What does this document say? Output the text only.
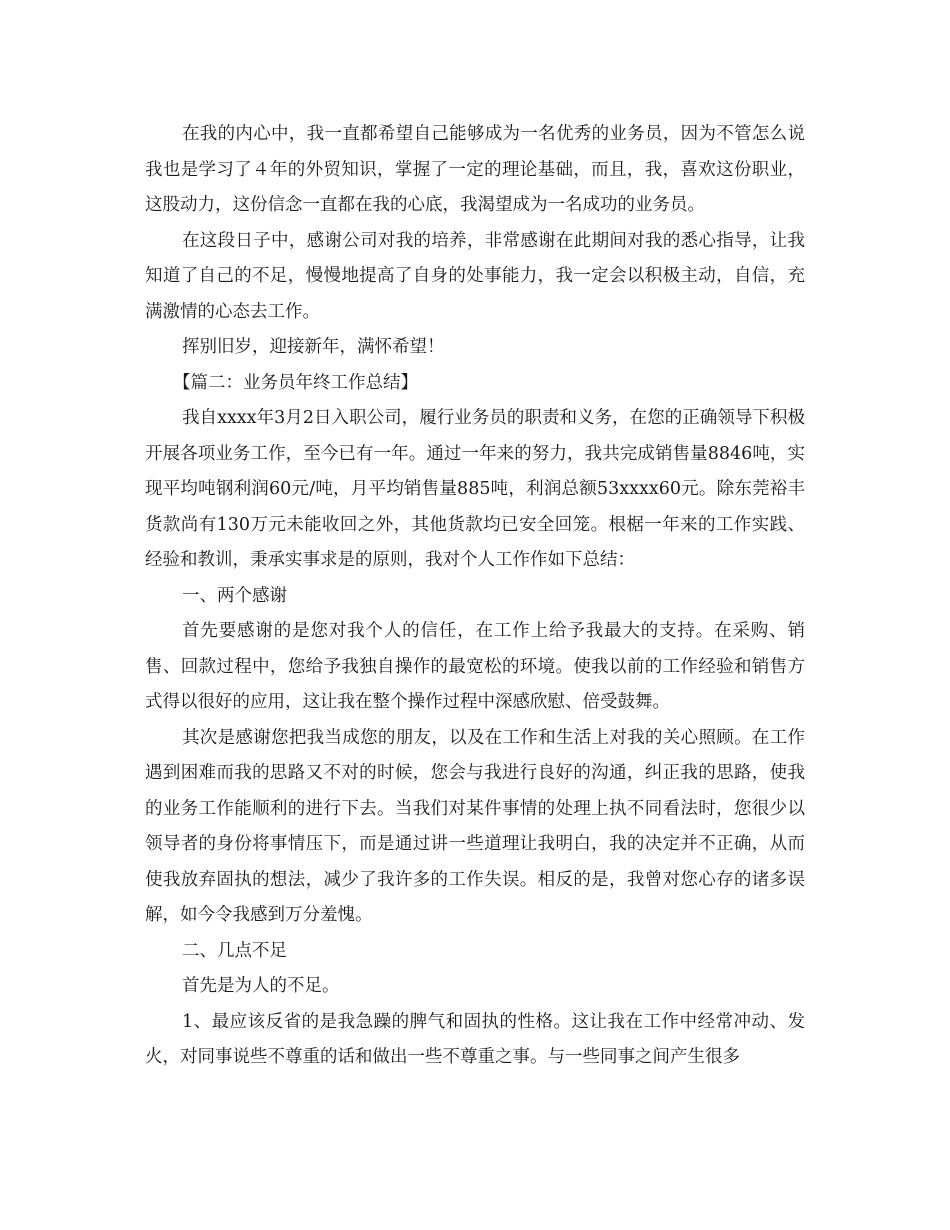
在我的内心中，我一直都希望自己能够成为一名优秀的业务员，因为不管怎么说我也是学习了４年的外贸知识，掌握了一定的理论基础，而且，我，喜欢这份职业，这股动力，这份信念一直都在我的心底，我渴望成为一名成功的业务员。

在这段日子中，感谢公司对我的培养，非常感谢在此期间对我的悉心指导，让我知道了自己的不足，慢慢地提高了自身的处事能力，我一定会以积极主动，自信，充满激情的心态去工作。

挥别旧岁，迎接新年，满怀希望！

【篇二：业务员年终工作总结】

我自xxxx年3月2日入职公司，履行业务员的职责和义务，在您的正确领导下积极开展各项业务工作，至今已有一年。通过一年来的努力，我共完成销售量8846吨，实现平均吨钢利润60元/吨，月平均销售量885吨，利润总额53xxxx60元。除东莞裕丰货款尚有130万元未能收回之外，其他货款均已安全回笼。根椐一年来的工作实践、经验和教训，秉承实事求是的原则，我对个人工作作如下总结：

一、两个感谢

首先要感谢的是您对我个人的信任，在工作上给予我最大的支持。在采购、销售、回款过程中，您给予我独自操作的最宽松的环境。使我以前的工作经验和销售方式得以很好的应用，这让我在整个操作过程中深感欣慰、倍受鼓舞。

其次是感谢您把我当成您的朋友，以及在工作和生活上对我的关心照顾。在工作遇到困难而我的思路又不对的时候，您会与我进行良好的沟通，纠正我的思路，使我的业务工作能顺利的进行下去。当我们对某件事情的处理上执不同看法时，您很少以领导者的身份将事情压下，而是通过讲一些道理让我明白，我的决定并不正确，从而使我放弃固执的想法，减少了我许多的工作失误。相反的是，我曾对您心存的诸多误解，如今令我感到万分羞愧。

二、几点不足

首先是为人的不足。

1、最应该反省的是我急躁的脾气和固执的性格。这让我在工作中经常冲动、发火，对同事说些不尊重的话和做出一些不尊重之事。与一些同事之间产生很多
